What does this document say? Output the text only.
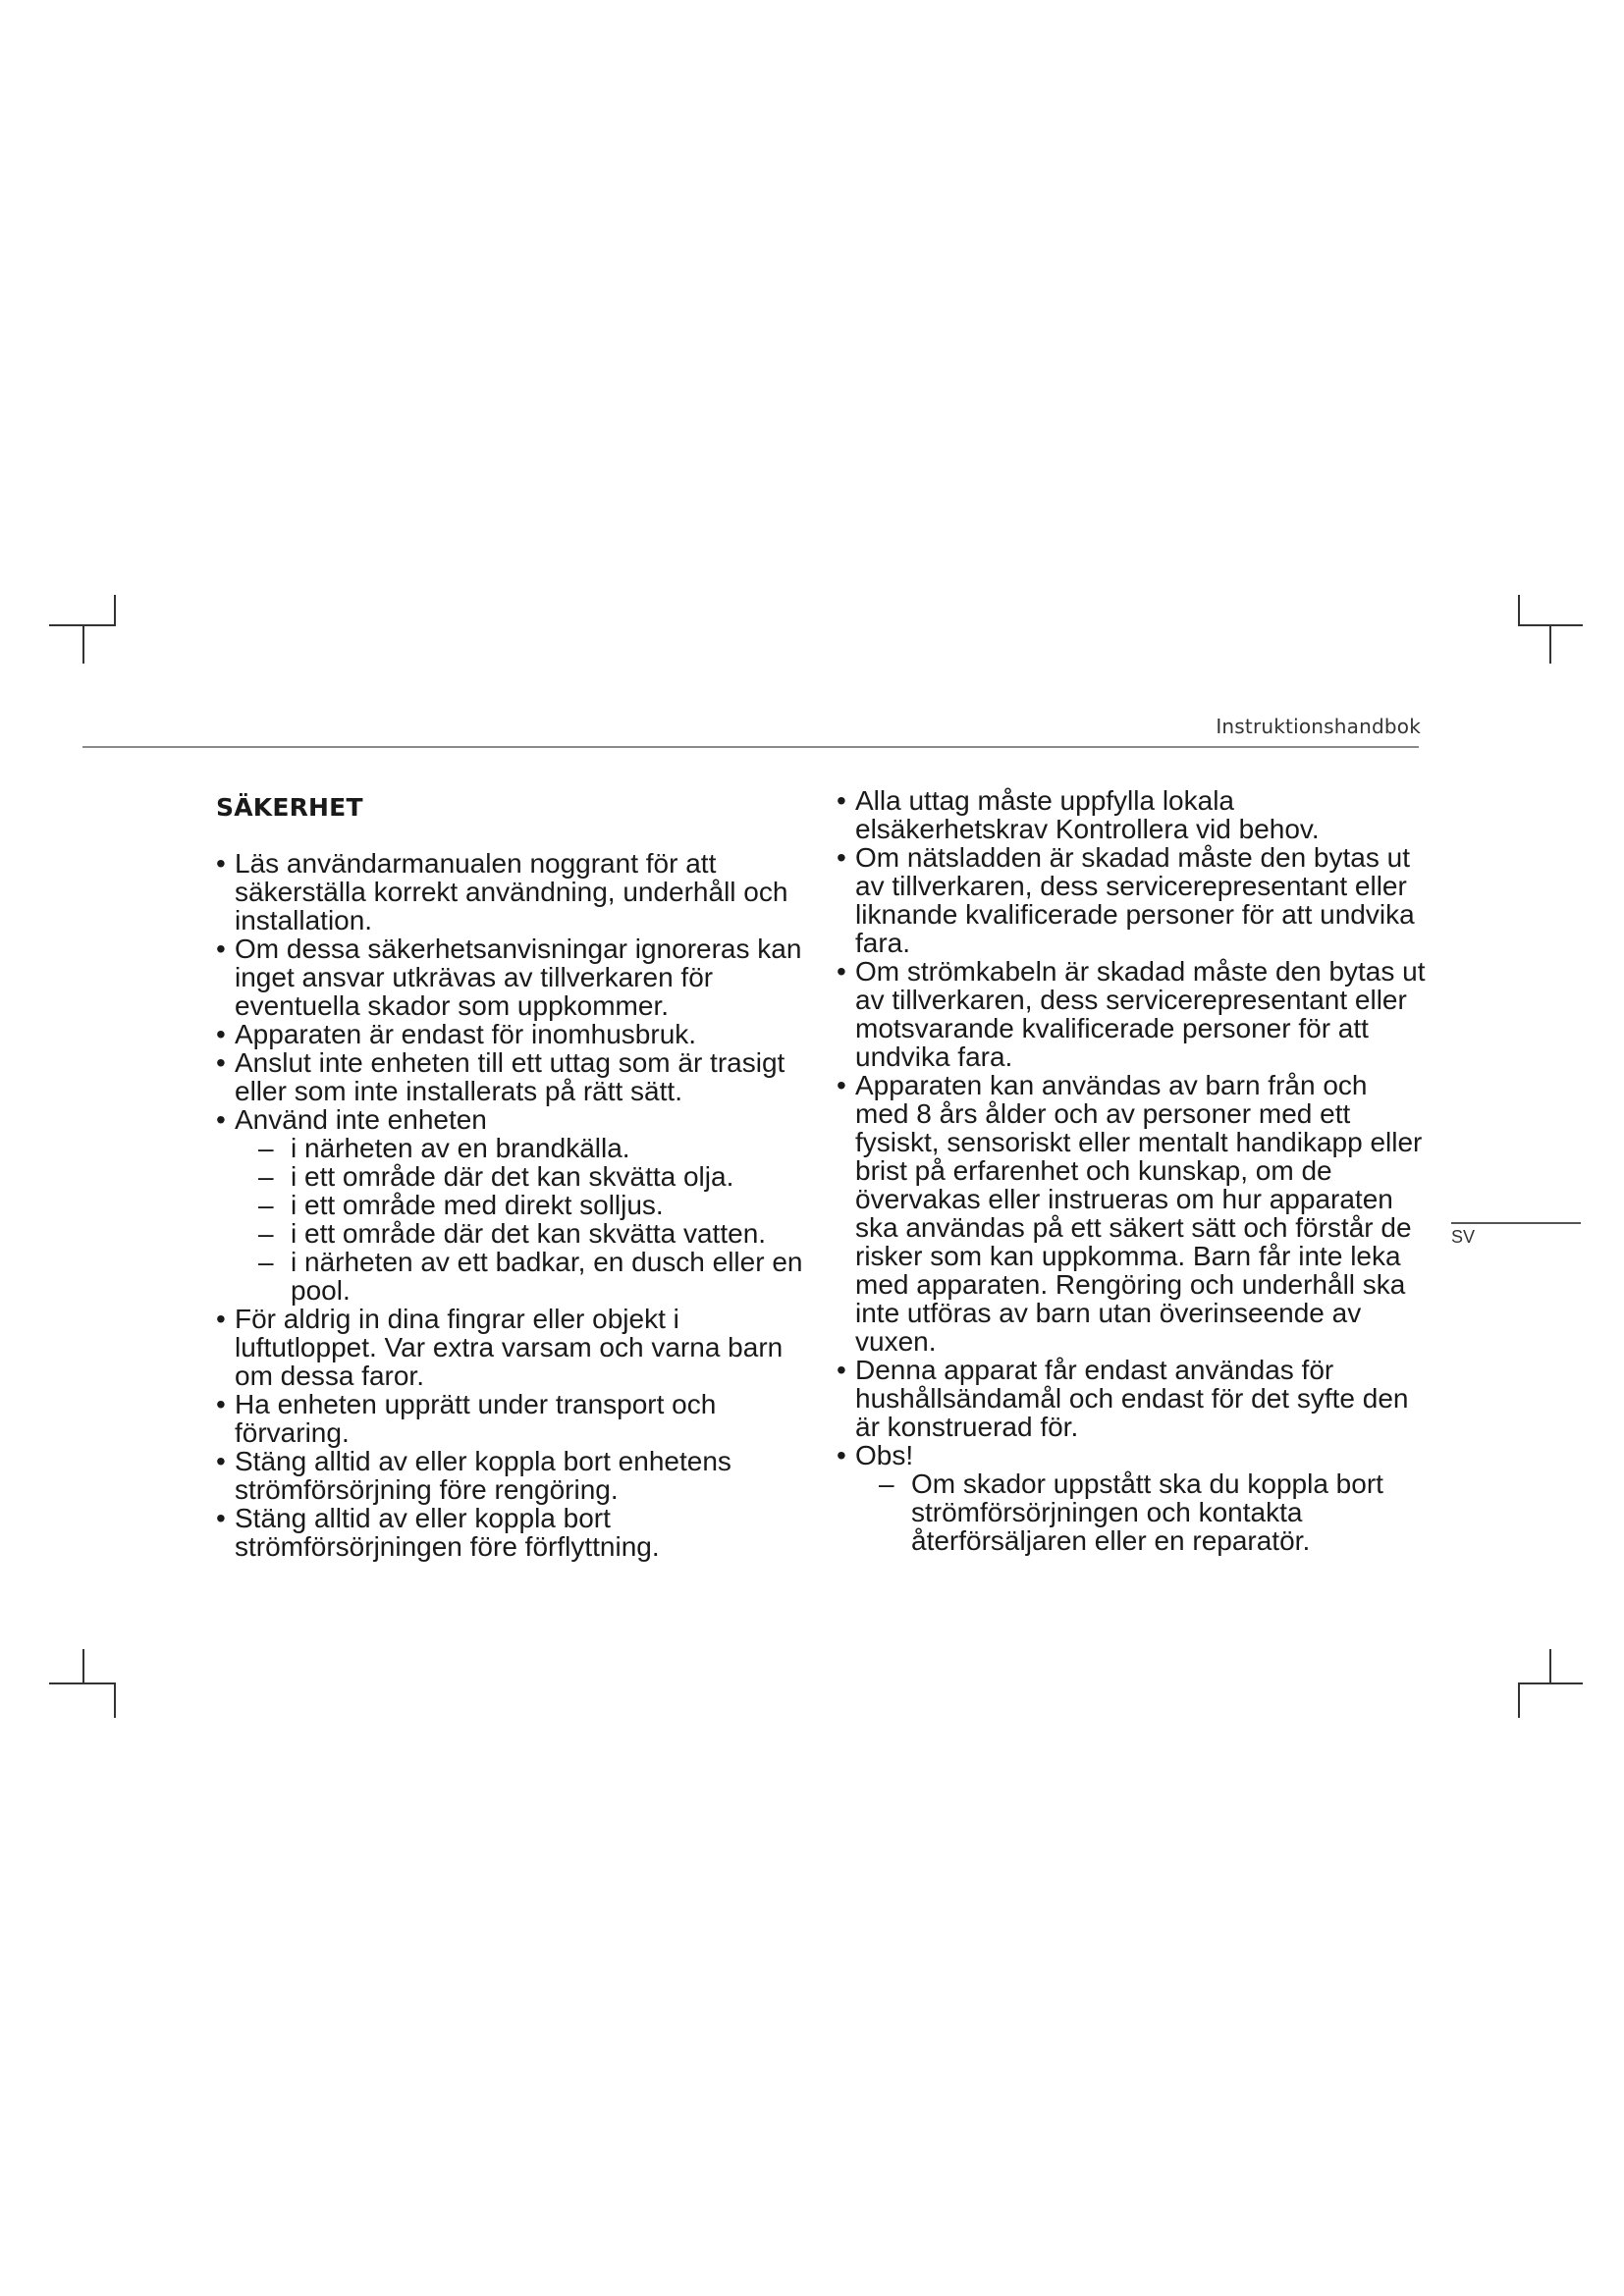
Instruktionshandbok
SV
SÄKERHET
• Läs användarmanualen noggrant för att säkerställa korrekt användning, underhåll och installation.
• Om dessa säkerhetsanvisningar ignoreras kan inget ansvar utkrävas av tillverkaren för eventuella skador som uppkommer.
• Apparaten är endast för inomhusbruk.
• Anslut inte enheten till ett uttag som är trasigt eller som inte installerats på rätt sätt.
• Använd inte enheten
– i närheten av en brandkälla.
– i ett område där det kan skvätta olja.
– i ett område med direkt solljus.
– i ett område där det kan skvätta vatten.
– i närheten av ett badkar, en dusch eller en pool.
• För aldrig in dina fingrar eller objekt i luftutloppet. Var extra varsam och varna barn om dessa faror.
• Ha enheten upprätt under transport och förvaring.
• Stäng alltid av eller koppla bort enhetens strömförsörjning före rengöring.
• Stäng alltid av eller koppla bort strömförsörjningen före förflyttning.
• Alla uttag måste uppfylla lokala elsäkerhetskrav Kontrollera vid behov.
• Om nätsladden är skadad måste den bytas ut av tillverkaren, dess servicerepresentant eller liknande kvalificerade personer för att undvika fara.
• Om strömkabeln är skadad måste den bytas ut av tillverkaren, dess servicerepresentant eller motsvarande kvalificerade personer för att undvika fara.
• Apparaten kan användas av barn från och med 8 års ålder och av personer med ett fysiskt, sensoriskt eller mentalt handikapp eller brist på erfarenhet och kunskap, om de övervakas eller instrueras om hur apparaten ska användas på ett säkert sätt och förstår de risker som kan uppkomma. Barn får inte leka med apparaten. Rengöring och underhåll ska inte utföras av barn utan överinseende av vuxen.
• Denna apparat får endast användas för hushållsändamål och endast för det syfte den är konstruerad för.
• Obs!
– Om skador uppstått ska du koppla bort strömförsörjningen och kontakta återförsäljaren eller en reparatör.
